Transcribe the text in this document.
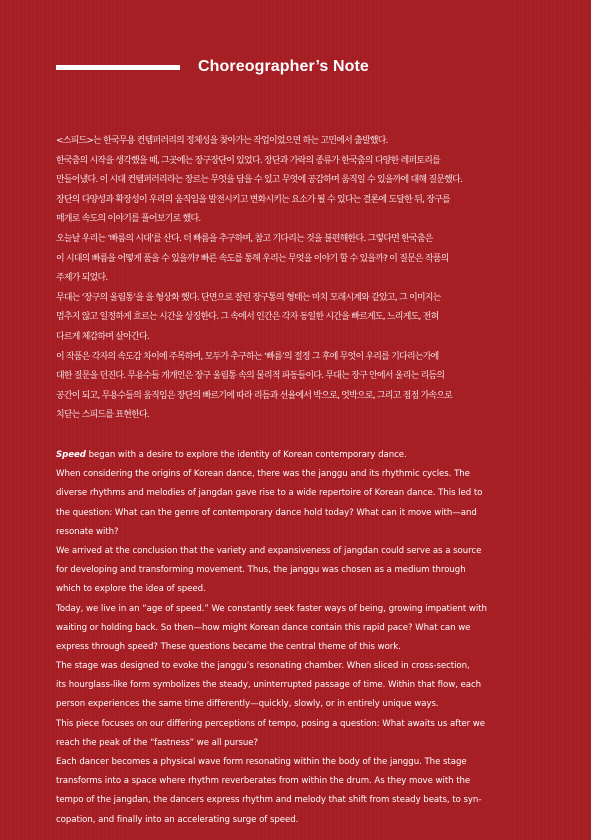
Choreographer’s Note
<스피드>는 한국무용 컨템퍼러리의 정체성을 찾아가는 작업이었으면 하는 고민에서 출발했다.
한국춤의 시작을 생각했을 때, 그곳에는 장구장단이 있었다. 장단과 가락의 종류가 한국춤의 다양한 레퍼토리를
만들어냈다. 이 시대 컨템퍼러리라는 장르는 무엇을 담을 수 있고 무엇에 공감하며 움직일 수 있을까에 대해 질문했다.
장단의 다양성과 확장성이 우리의 움직임을 발전시키고 변화시키는 요소가 될 수 있다는 결론에 도달한 뒤, 장구를
매개로 속도의 이야기를 풀어보기로 했다.
오늘날 우리는 ‘빠름의 시대’를 산다. 더 빠름을 추구하며, 참고 기다리는 것을 불편해한다. 그렇다면 한국춤은
이 시대의 빠름을 어떻게 품을 수 있을까? 빠른 속도를 통해 우리는 무엇을 이야기 할 수 있을까? 이 질문은 작품의
주제가 되었다.
무대는 ‘장구의 울림통’을 을 형상화 했다. 단면으로 잘린 장구통의 형태는 마치 모래시계와 같았고, 그 이미지는
멈추지 않고 일정하게 흐르는 시간을 상징한다. 그 속에서 인간은 각자 동일한 시간을 빠르게도, 느리게도, 전혀
다르게 체감하며 살아간다.
이 작품은 각자의 속도감 차이에 주목하며, 모두가 추구하는 ‘빠름’의 절정 그 후에 무엇이 우리를 기다리는가에
대한 질문을 던진다. 무용수들 개개인은 장구 울림통 속의 물리적 파동들이다. 무대는 장구 안에서 울리는 리듬의
공간이 되고, 무용수들의 움직임은 장단의 빠르기에 따라 리듬과 선율에서 박으로, 엇박으로, 그리고 점점 가속으로
치닫는 스피드를 표현한다.
Speed began with a desire to explore the identity of Korean contemporary dance.
When considering the origins of Korean dance, there was the janggu and its rhythmic cycles. The
diverse rhythms and melodies of jangdan gave rise to a wide repertoire of Korean dance. This led to
the question: What can the genre of contemporary dance hold today? What can it move with—and
resonate with?
We arrived at the conclusion that the variety and expansiveness of jangdan could serve as a source
for developing and transforming movement. Thus, the janggu was chosen as a medium through
which to explore the idea of speed.
Today, we live in an “age of speed.” We constantly seek faster ways of being, growing impatient with
waiting or holding back. So then—how might Korean dance contain this rapid pace? What can we
express through speed? These questions became the central theme of this work.
The stage was designed to evoke the janggu’s resonating chamber. When sliced in cross-section,
its hourglass-like form symbolizes the steady, uninterrupted passage of time. Within that flow, each
person experiences the same time differently—quickly, slowly, or in entirely unique ways.
This piece focuses on our differing perceptions of tempo, posing a question: What awaits us after we
reach the peak of the “fastness” we all pursue?
Each dancer becomes a physical wave form resonating within the body of the janggu. The stage
transforms into a space where rhythm reverberates from within the drum. As they move with the
tempo of the jangdan, the dancers express rhythm and melody that shift from steady beats, to syn-
copation, and finally into an accelerating surge of speed.
